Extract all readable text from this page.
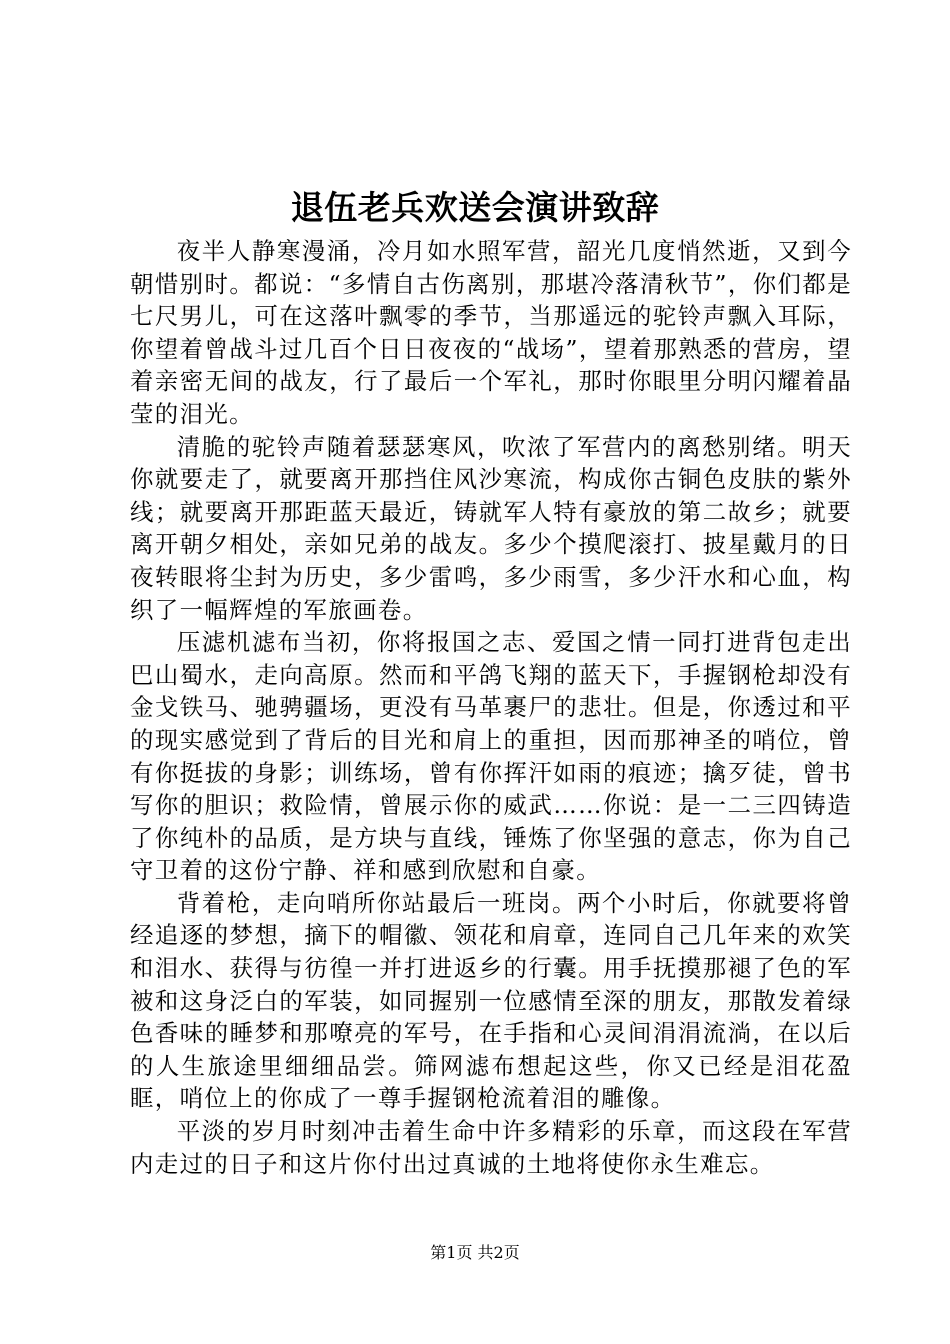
退伍老兵欢送会演讲致辞

夜半人静寒漫涌，冷月如水照军营，韶光几度悄然逝，又到今朝惜别时。都说：“多情自古伤离别，那堪冷落清秋节”，你们都是七尺男儿，可在这落叶飘零的季节，当那遥远的驼铃声飘入耳际，你望着曾战斗过几百个日日夜夜的“战场”，望着那熟悉的营房，望着亲密无间的战友，行了最后一个军礼，那时你眼里分明闪耀着晶莹的泪光。

清脆的驼铃声随着瑟瑟寒风，吹浓了军营内的离愁别绪。明天你就要走了，就要离开那挡住风沙寒流，构成你古铜色皮肤的紫外线；就要离开那距蓝天最近，铸就军人特有豪放的第二故乡；就要离开朝夕相处，亲如兄弟的战友。多少个摸爬滚打、披星戴月的日夜转眼将尘封为历史，多少雷鸣，多少雨雪，多少汗水和心血，构织了一幅辉煌的军旅画卷。

压滤机滤布当初，你将报国之志、爱国之情一同打进背包走出巴山蜀水，走向高原。然而和平鸽飞翔的蓝天下，手握钢枪却没有金戈铁马、驰骋疆场，更没有马革裹尸的悲壮。但是，你透过和平的现实感觉到了背后的目光和肩上的重担，因而那神圣的哨位，曾有你挺拔的身影；训练场，曾有你挥汗如雨的痕迹；擒歹徒，曾书写你的胆识；救险情，曾展示你的威武……你说：是一二三四铸造了你纯朴的品质，是方块与直线，锤炼了你坚强的意志，你为自己守卫着的这份宁静、祥和感到欣慰和自豪。

背着枪，走向哨所你站最后一班岗。两个小时后，你就要将曾经追逐的梦想，摘下的帽徽、领花和肩章，连同自己几年来的欢笑和泪水、获得与彷徨一并打进返乡的行囊。用手抚摸那褪了色的军被和这身泛白的军装，如同握别一位感情至深的朋友，那散发着绿色香味的睡梦和那嘹亮的军号，在手指和心灵间涓涓流淌，在以后的人生旅途里细细品尝。筛网滤布想起这些，你又已经是泪花盈眶，哨位上的你成了一尊手握钢枪流着泪的雕像。

平淡的岁月时刻冲击着生命中许多精彩的乐章，而这段在军营内走过的日子和这片你付出过真诚的土地将使你永生难忘。

第1页 共2页
